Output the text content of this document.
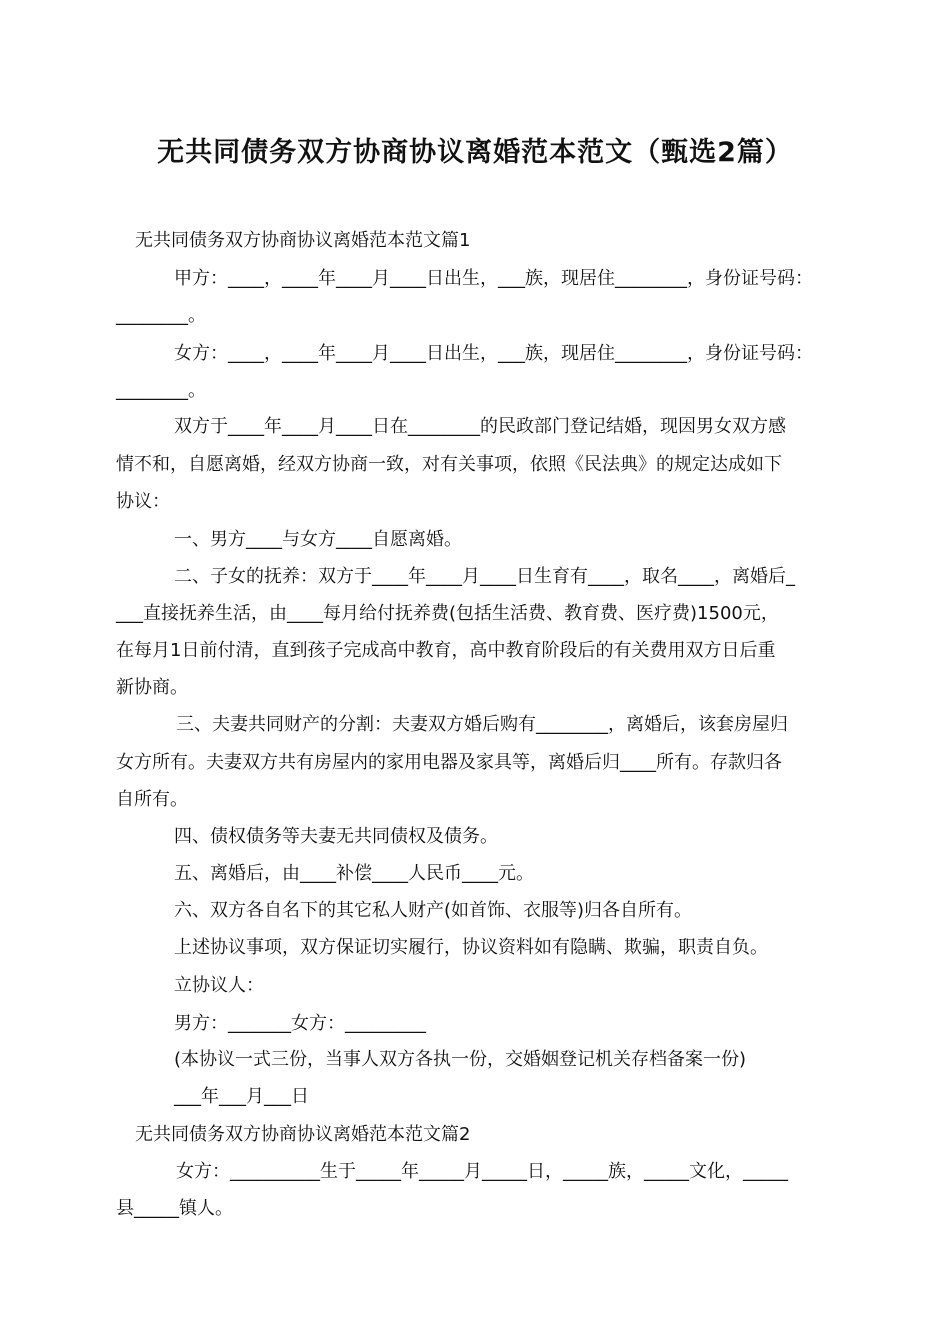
无共同债务双方协商协议离婚范本范文（甄选2篇）
无共同债务双方协商协议离婚范本范文篇1
甲方：____，____年____月____日出生，___族，现居住________，身份证号码：
________。
女方：____，____年____月____日出生，___族，现居住________，身份证号码：
________。
双方于____年____月____日在________的民政部门登记结婚，现因男女双方感
情不和，自愿离婚，经双方协商一致，对有关事项，依照《民法典》的规定达成如下
协议：
一、男方____与女方____自愿离婚。
二、子女的抚养：双方于____年____月____日生育有____，取名____，离婚后_
___直接抚养生活，由____每月给付抚养费(包括生活费、教育费、医疗费)1500元，
在每月1日前付清，直到孩子完成高中教育，高中教育阶段后的有关费用双方日后重
新协商。
三、夫妻共同财产的分割：夫妻双方婚后购有________，离婚后，该套房屋归
女方所有。夫妻双方共有房屋内的家用电器及家具等，离婚后归____所有。存款归各
自所有。
四、债权债务等夫妻无共同债权及债务。
五、离婚后，由____补偿____人民币____元。
六、双方各自名下的其它私人财产(如首饰、衣服等)归各自所有。
上述协议事项，双方保证切实履行，协议资料如有隐瞒、欺骗，职责自负。
立协议人：
男方：_______女方：_________
(本协议一式三份，当事人双方各执一份，交婚姻登记机关存档备案一份)
___年___月___日
无共同债务双方协商协议离婚范本范文篇2
女方：__________生于_____年_____月_____日，_____族，_____文化，_____
县_____镇人。
